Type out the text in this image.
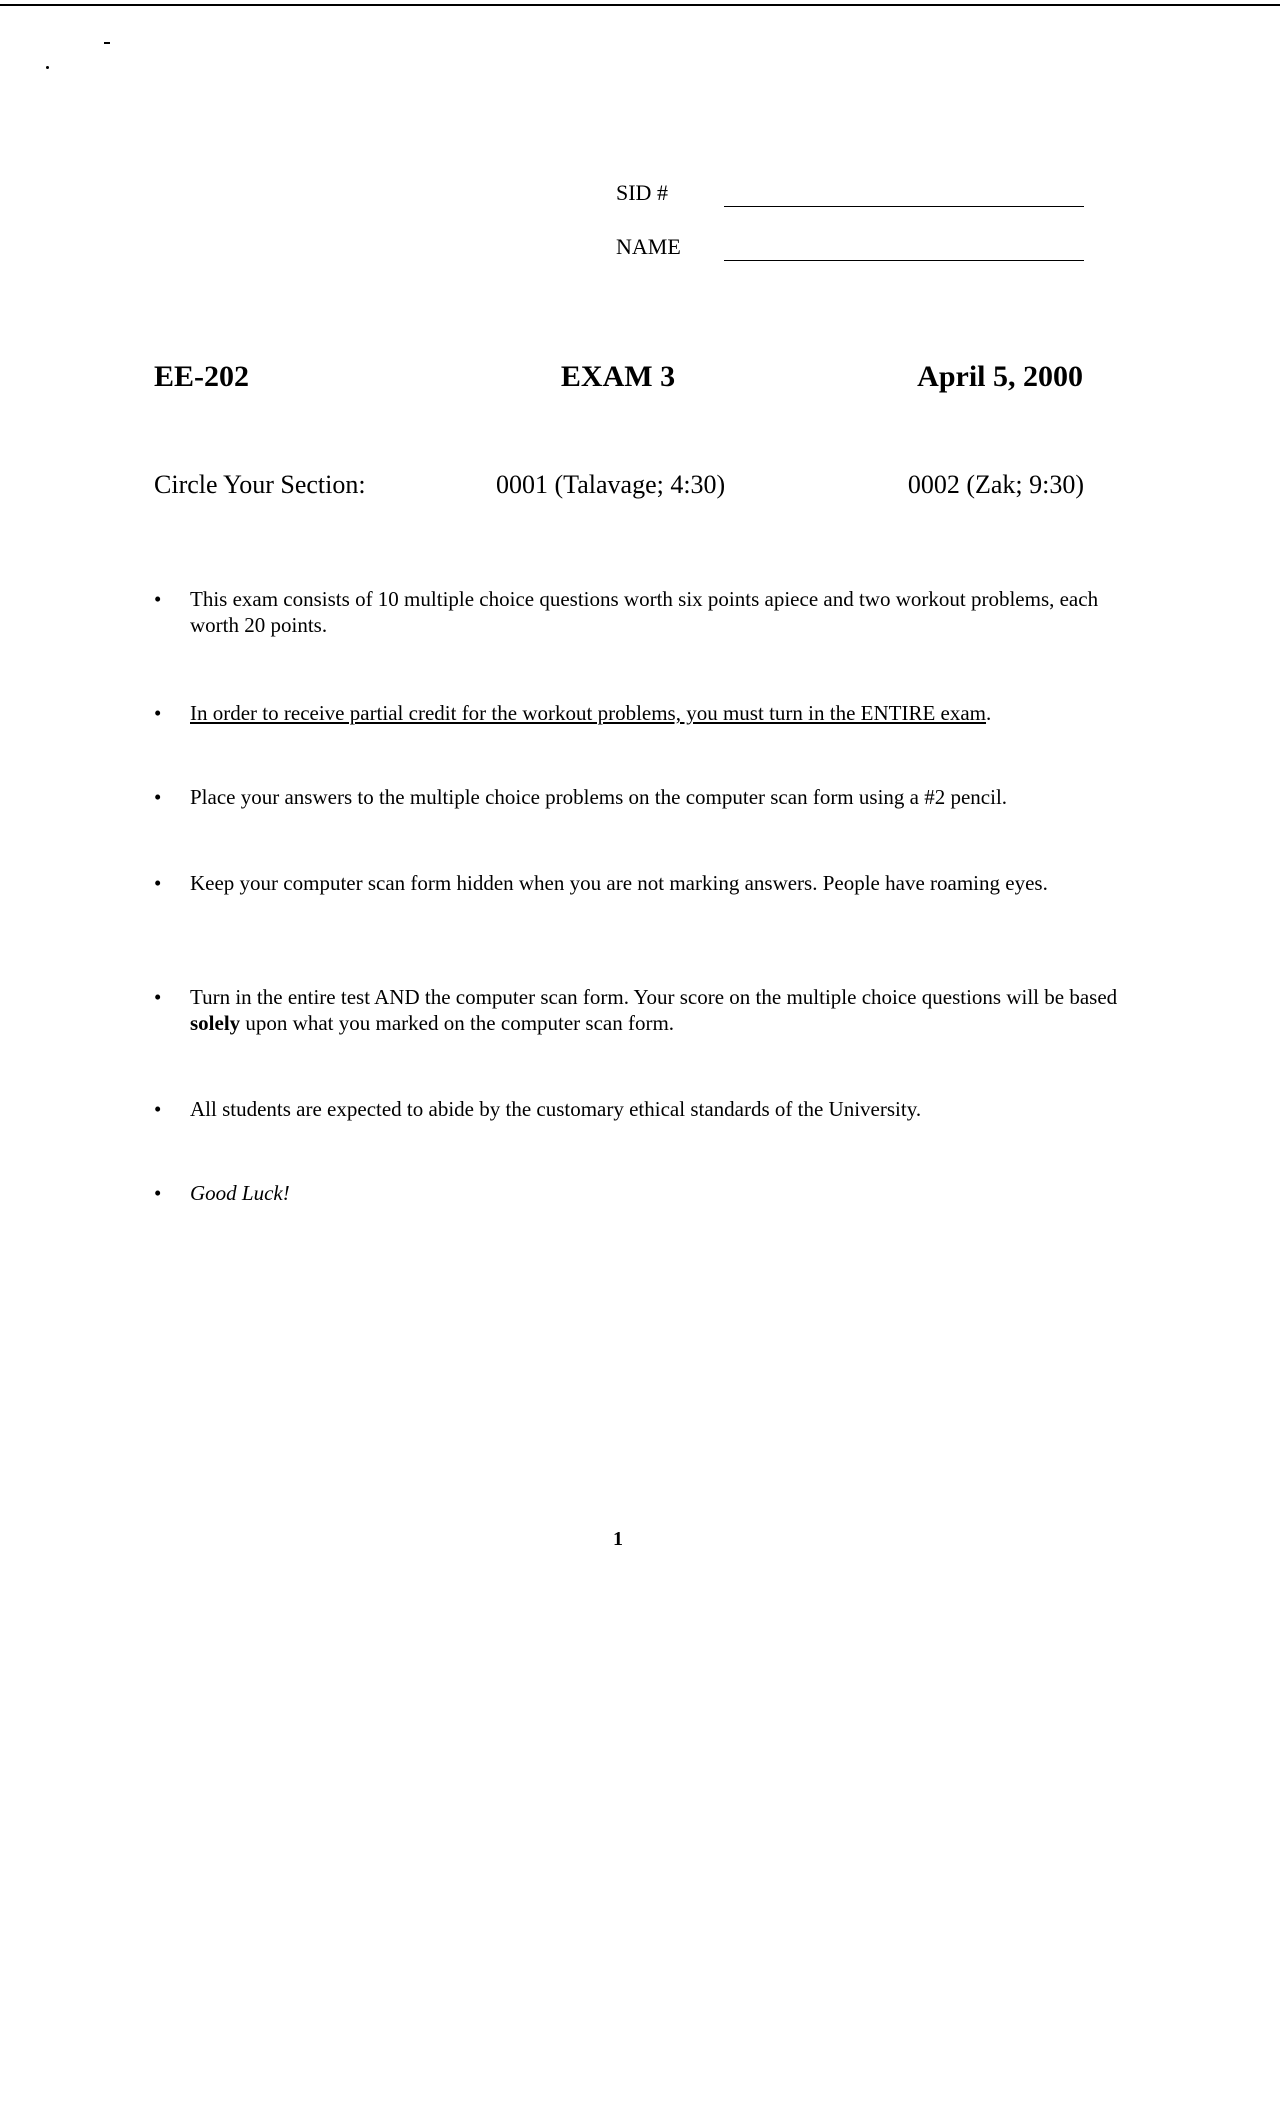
SID #
NAME
EE-202	EXAM 3	April 5, 2000
Circle Your Section:	0001 (Talavage; 4:30)	0002 (Zak; 9:30)
• This exam consists of 10 multiple choice questions worth six points apiece and two workout problems, each worth 20 points.
• In order to receive partial credit for the workout problems, you must turn in the ENTIRE exam.
• Place your answers to the multiple choice problems on the computer scan form using a #2 pencil.
• Keep your computer scan form hidden when you are not marking answers. People have roaming eyes.
• Turn in the entire test AND the computer scan form. Your score on the multiple choice questions will be based solely upon what you marked on the computer scan form.
• All students are expected to abide by the customary ethical standards of the University.
• Good Luck!
1
